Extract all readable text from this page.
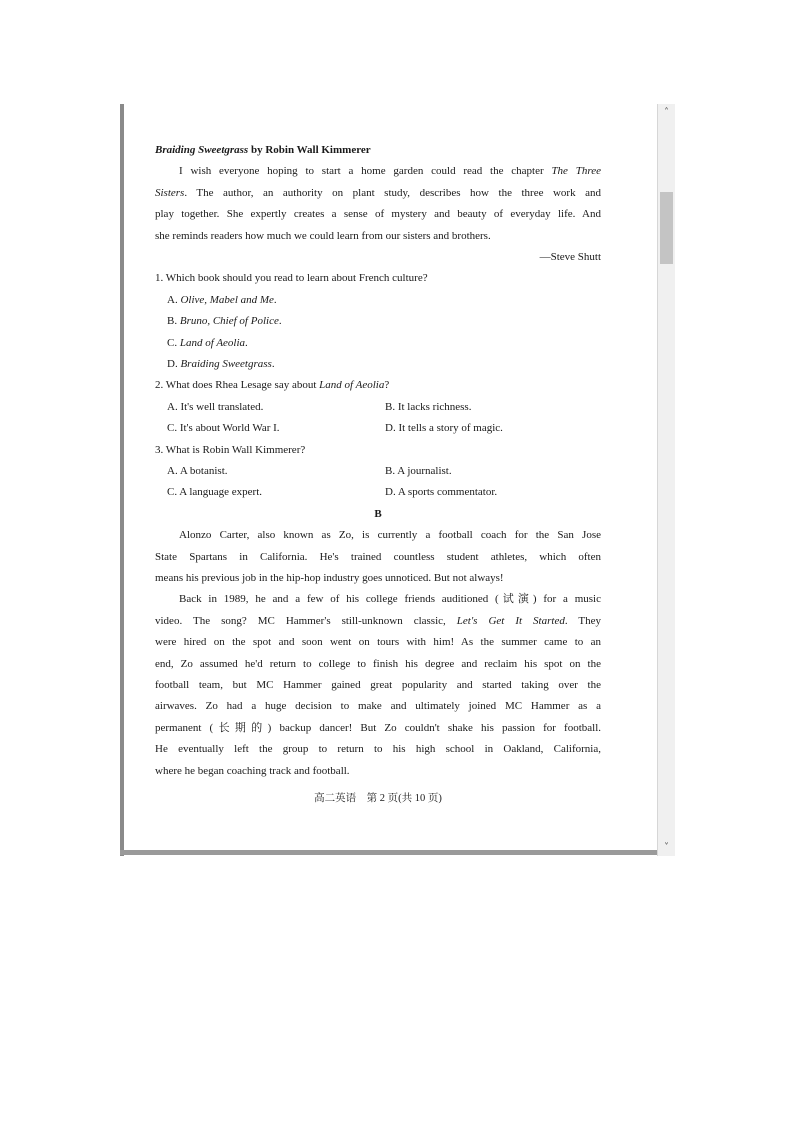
Braiding Sweetgrass by Robin Wall Kimmerer
I wish everyone hoping to start a home garden could read the chapter The Three
Sisters. The author, an authority on plant study, describes how the three work and
play together. She expertly creates a sense of mystery and beauty of everyday life. And
she reminds readers how much we could learn from our sisters and brothers.
—Steve Shutt
1. Which book should you read to learn about French culture?
A. Olive, Mabel and Me.
B. Bruno, Chief of Police.
C. Land of Aeolia.
D. Braiding Sweetgrass.
2. What does Rhea Lesage say about Land of Aeolia?
A. It's well translated.	B. It lacks richness.
C. It's about World War I.	D. It tells a story of magic.
3. What is Robin Wall Kimmerer?
A. A botanist.	B. A journalist.
C. A language expert.	D. A sports commentator.
B
Alonzo Carter, also known as Zo, is currently a football coach for the San Jose
State Spartans in California. He's trained countless student athletes, which often
means his previous job in the hip-hop industry goes unnoticed. But not always!
Back in 1989, he and a few of his college friends auditioned (试演) for a music
video. The song? MC Hammer's still-unknown classic, Let's Get It Started. They
were hired on the spot and soon went on tours with him! As the summer came to an
end, Zo assumed he'd return to college to finish his degree and reclaim his spot on the
football team, but MC Hammer gained great popularity and started taking over the
airwaves. Zo had a huge decision to make and ultimately joined MC Hammer as a
permanent (长期的) backup dancer! But Zo couldn't shake his passion for football.
He eventually left the group to return to his high school in Oakland, California,
where he began coaching track and football.
高二英语　第 2 页(共 10 页)
˄
˅
